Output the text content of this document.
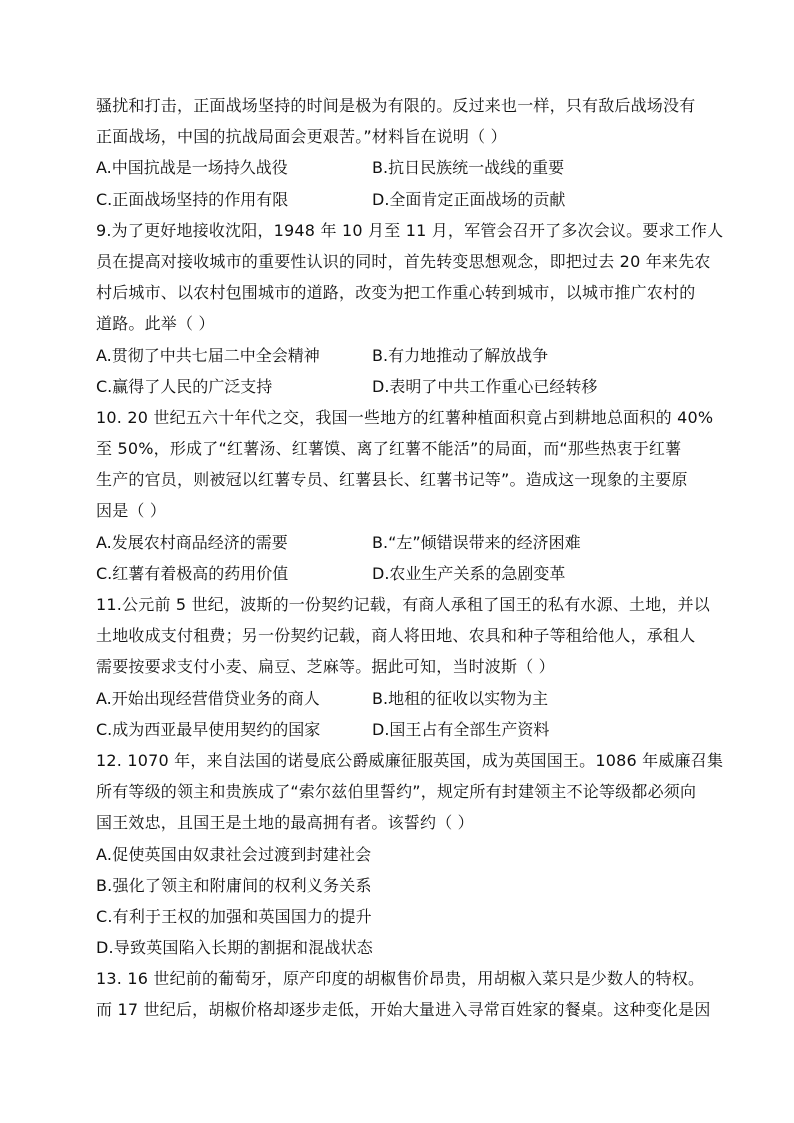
骚扰和打击，正面战场坚持的时间是极为有限的。反过来也一样，只有敌后战场没有
正面战场，中国的抗战局面会更艰苦。”材料旨在说明（ ）
A.中国抗战是一场持久战役	B.抗日民族统一战线的重要
C.正面战场坚持的作用有限	D.全面肯定正面战场的贡献
9.为了更好地接收沈阳，1948 年 10 月至 11 月，军管会召开了多次会议。要求工作人
员在提高对接收城市的重要性认识的同时，首先转变思想观念，即把过去 20 年来先农
村后城市、以农村包围城市的道路，改变为把工作重心转到城市，以城市推广农村的
道路。此举（ ）
A.贯彻了中共七届二中全会精神	B.有力地推动了解放战争
C.赢得了人民的广泛支持	D.表明了中共工作重心已经转移
10. 20 世纪五六十年代之交，我国一些地方的红薯种植面积竟占到耕地总面积的 40%
至 50%，形成了“红薯汤、红薯馍、离了红薯不能活”的局面，而“那些热衷于红薯
生产的官员，则被冠以红薯专员、红薯县长、红薯书记等”。造成这一现象的主要原
因是（ ）
A.发展农村商品经济的需要	B.“左”倾错误带来的经济困难
C.红薯有着极高的药用价值	D.农业生产关系的急剧变革
11.公元前 5 世纪，波斯的一份契约记载，有商人承租了国王的私有水源、土地，并以
土地收成支付租费；另一份契约记载，商人将田地、农具和种子等租给他人，承租人
需要按要求支付小麦、扁豆、芝麻等。据此可知，当时波斯（ ）
A.开始出现经营借贷业务的商人	B.地租的征收以实物为主
C.成为西亚最早使用契约的国家	D.国王占有全部生产资料
12. 1070 年，来自法国的诺曼底公爵威廉征服英国，成为英国国王。1086 年威廉召集
所有等级的领主和贵族成了“索尔兹伯里誓约”，规定所有封建领主不论等级都必须向
国王效忠，且国王是土地的最高拥有者。该誓约（ ）
A.促使英国由奴隶社会过渡到封建社会
B.强化了领主和附庸间的权利义务关系
C.有利于王权的加强和英国国力的提升
D.导致英国陷入长期的割据和混战状态
13. 16 世纪前的葡萄牙，原产印度的胡椒售价昂贵，用胡椒入菜只是少数人的特权。
而 17 世纪后，胡椒价格却逐步走低，开始大量进入寻常百姓家的餐桌。这种变化是因
